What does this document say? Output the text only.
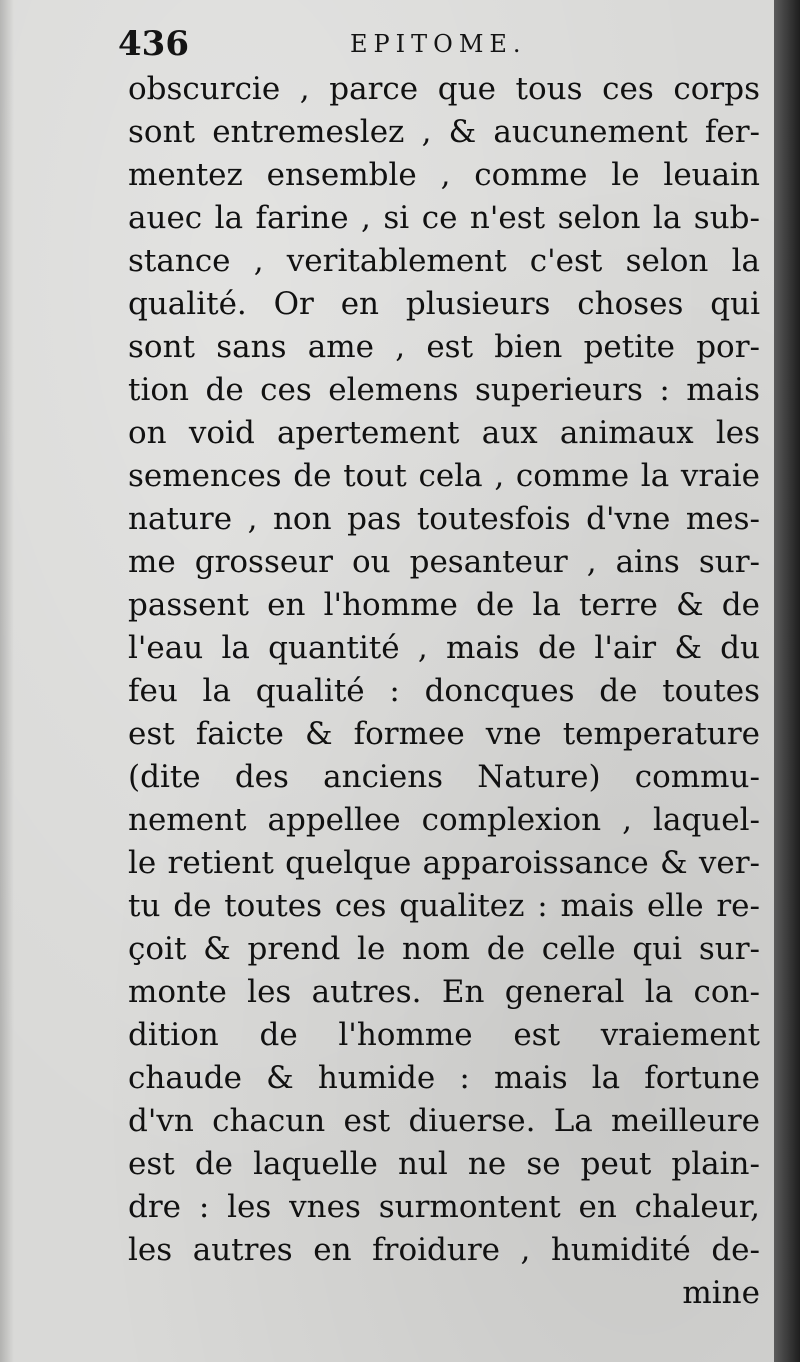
436	EPITOME.
obscurcie , parce que tous ces corps
sont entremeslez , & aucunement fer-
mentez ensemble , comme le leuain
auec la farine , si ce n'est selon la sub-
stance , veritablement c'est selon la
qualité. Or en plusieurs choses qui
sont sans ame , est bien petite por-
tion de ces elemens superieurs : mais
on void apertement aux animaux les
semences de tout cela , comme la vraie
nature , non pas toutesfois d'vne mes-
me grosseur ou pesanteur , ains sur-
passent en l'homme de la terre & de
l'eau la quantité , mais de l'air & du
feu la qualité : doncques de toutes
est faicte & formee vne temperature
(dite des anciens Nature) commu-
nement appellee complexion , laquel-
le retient quelque apparoissance & ver-
tu de toutes ces qualitez : mais elle re-
çoit & prend le nom de celle qui sur-
monte les autres. En general la con-
dition de l'homme est vraiement
chaude & humide : mais la fortune
d'vn chacun est diuerse. La meilleure
est de laquelle nul ne se peut plain-
dre : les vnes surmontent en chaleur,
les autres en froidure , humidité de-
mine
